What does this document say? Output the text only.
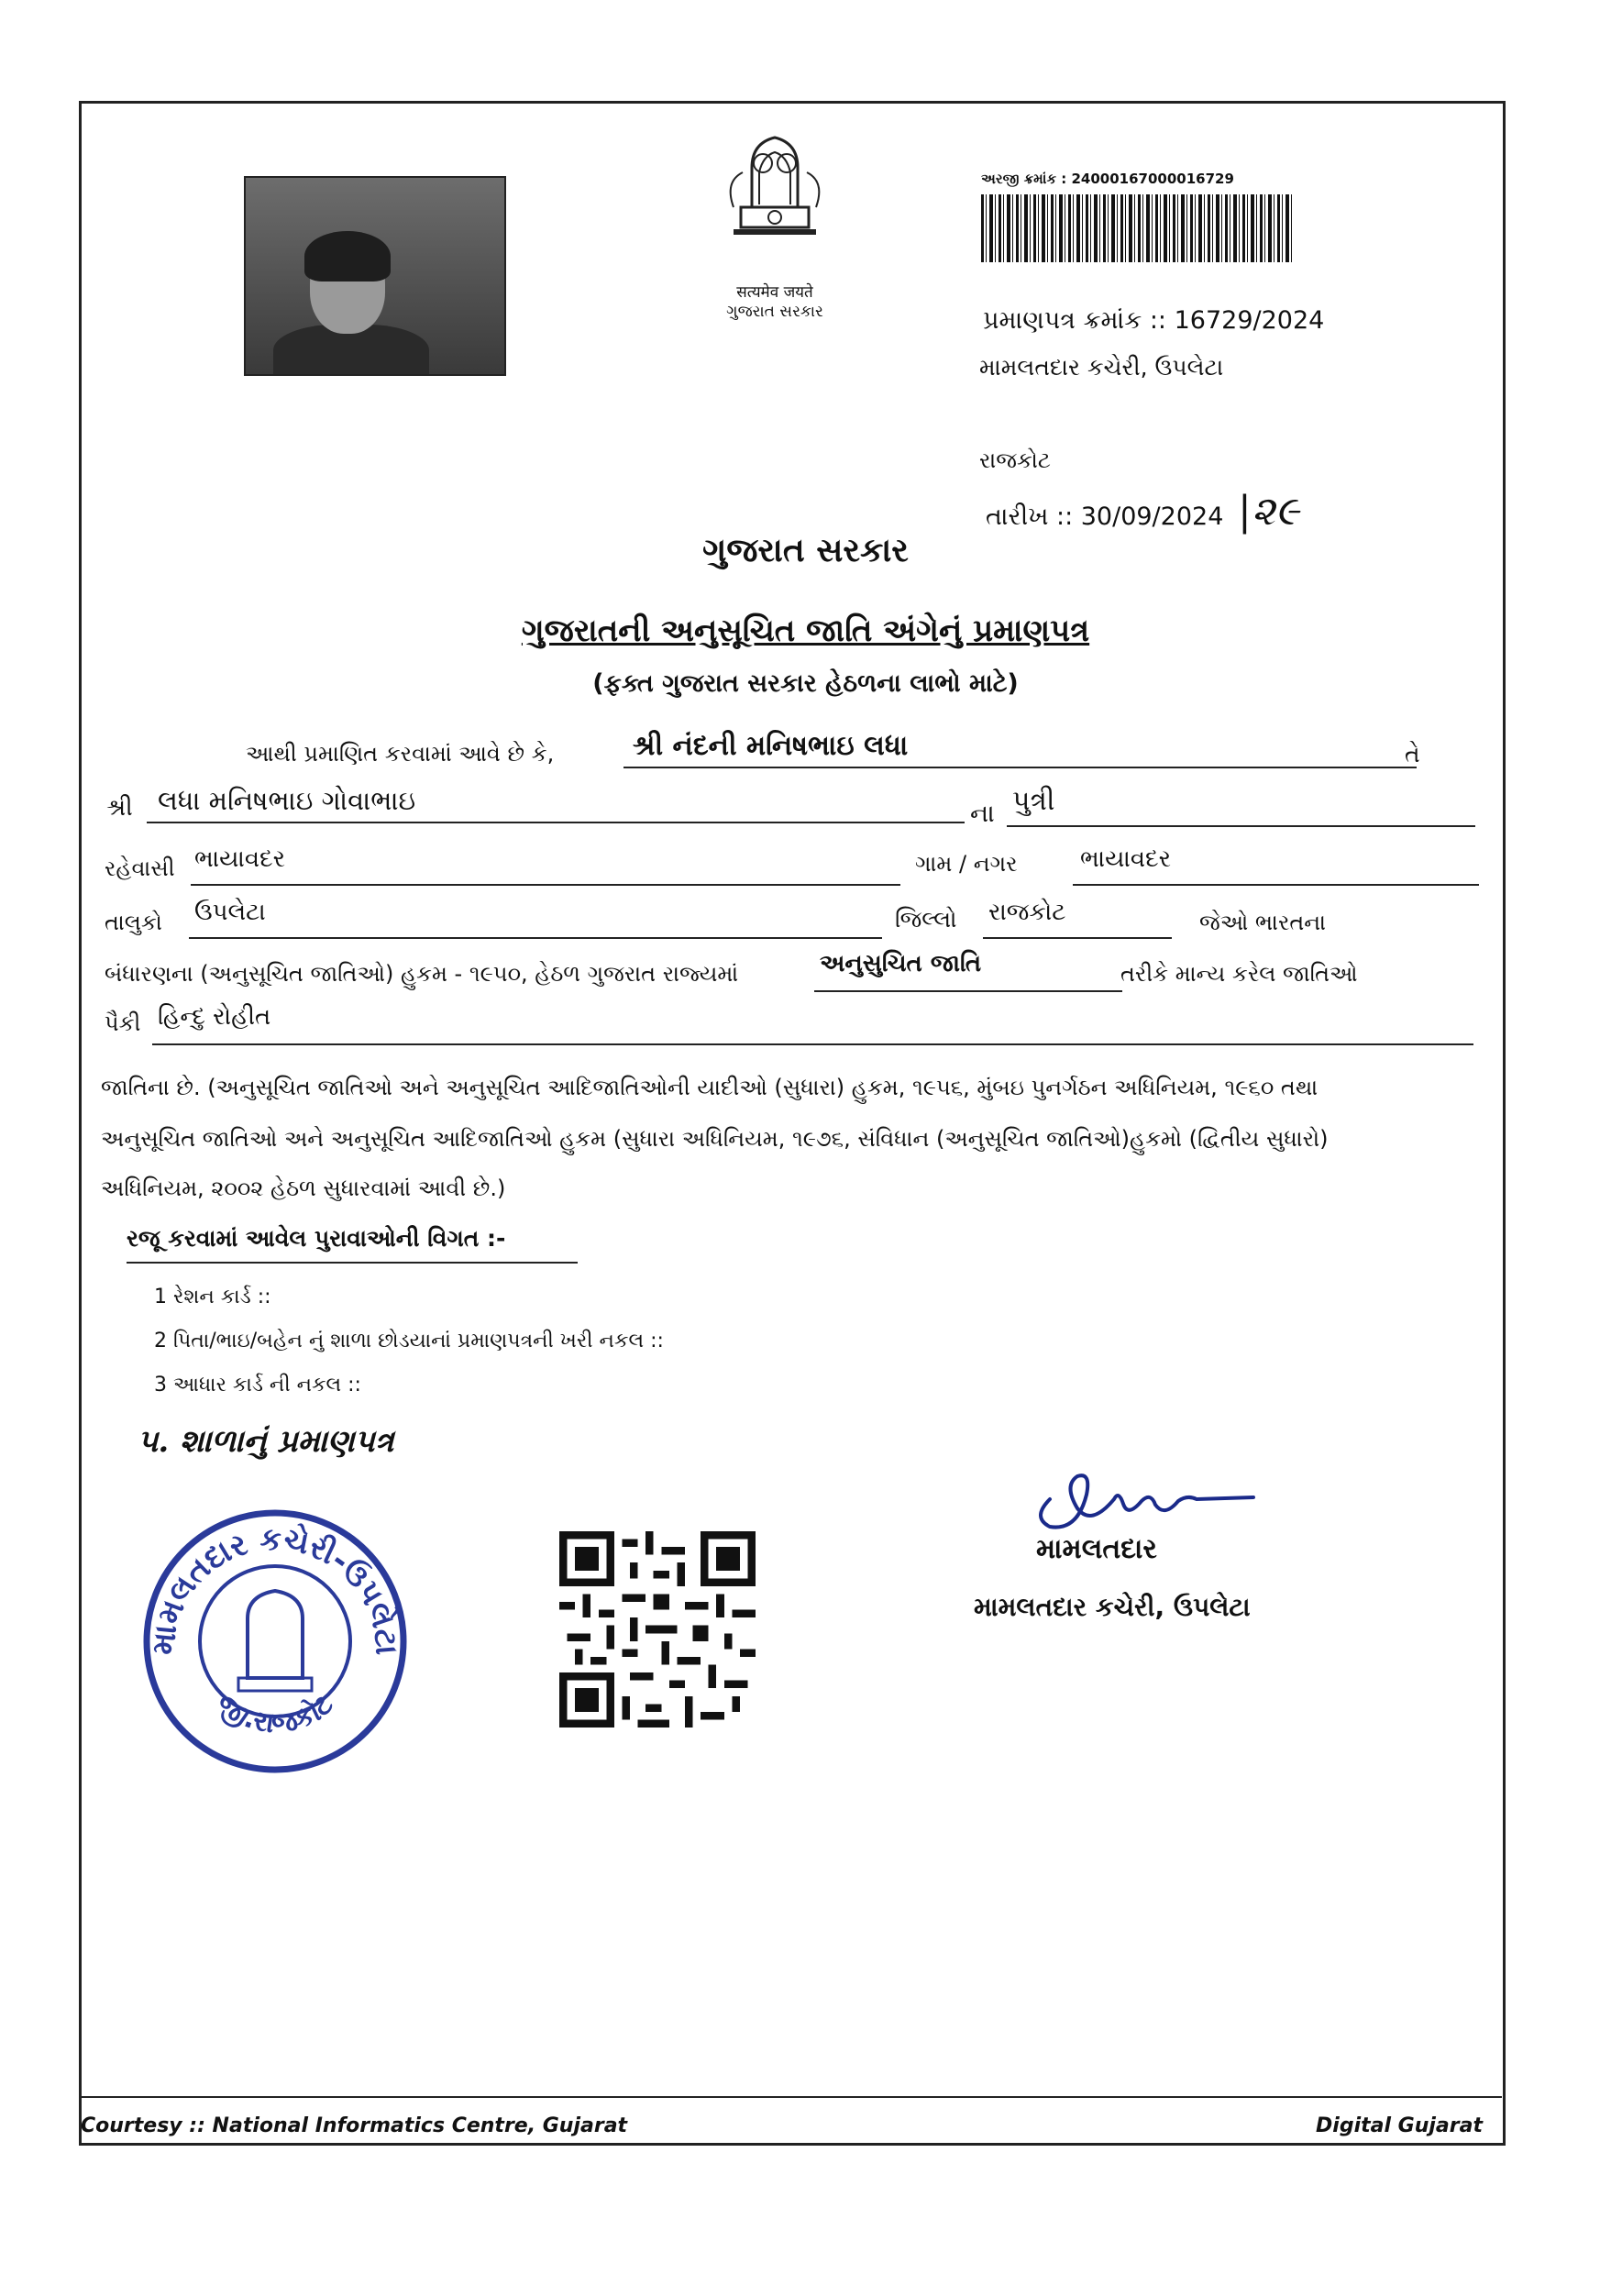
सत्यमेव जयते
ગુજરાત સરકાર
અરજી ક્રમાંક : 24000167000016729
પ્રમાણપત્ર ક્રમાંક :: 16729/2024
મામલતદાર કચેરી, ઉપલેટા
રાજકોટ
તારીખ :: 30/09/2024 |૨૯
ગુજરાત સરકાર
ગુજરાતની અનુસૂચિત જાતિ અંગેનું પ્રમાણપત્ર
(ફક્ત ગુજરાત સરકાર હેઠળના લાભો માટે)
આથી પ્રમાણિત કરવામાં આવે છે કે,	શ્રી નંદની મનિષભાઇ લધા	તે
શ્રી લધા મનિષભાઇ ગોવાભાઇ	ના પુત્રી
રહેવાસી ભાયાવદર	ગામ / નગર	ભાયાવદર
તાલુકો ઉપલેટા	જિલ્લો રાજકોટ	જેઓ ભારતના
બંધારણના (અનુસૂચિત જાતિઓ) હુકમ - ૧૯૫૦, હેઠળ ગુજરાત રાજ્યમાં	અનુસુચિત જાતિ	તરીકે માન્ય કરેલ જાતિઓ
પૈકી હિન્દુ રોહીત
જાતિના છે. (અનુસૂચિત જાતિઓ અને અનુસૂચિત આદિજાતિઓની યાદીઓ (સુધારા) હુકમ, ૧૯૫૬, મુંબઇ પુનર્ગઠન અધિનિયમ, ૧૯૬૦ તથા
અનુસૂચિત જાતિઓ અને અનુસૂચિત આદિજાતિઓ હુકમ (સુધારા અધિનિયમ, ૧૯૭૬, સંવિધાન (અનુસૂચિત જાતિઓ)હુકમો (દ્વિતીય સુધારો)
અધિનિયમ, ૨૦૦૨ હેઠળ સુધારવામાં આવી છે.)
રજૂ કરવામાં આવેલ પુરાવાઓની વિગત :-
1 રેશન કાર્ડ ::
2 પિતા/ભાઇ/બહેન નું શાળા છોડયાનાં પ્રમાણપત્રની ખરી નકલ ::
3 આધાર કાર્ડ ની નકલ ::
૫. શાળાનું પ્રમાણપત્ર
મામલતદાર કચેરી-ઉપલેટા
જી.રાજકોટ
મામલતદાર
મામલતદાર કચેરી, ઉપલેટા
Courtesy :: National Informatics Centre, Gujarat	Digital Gujarat
